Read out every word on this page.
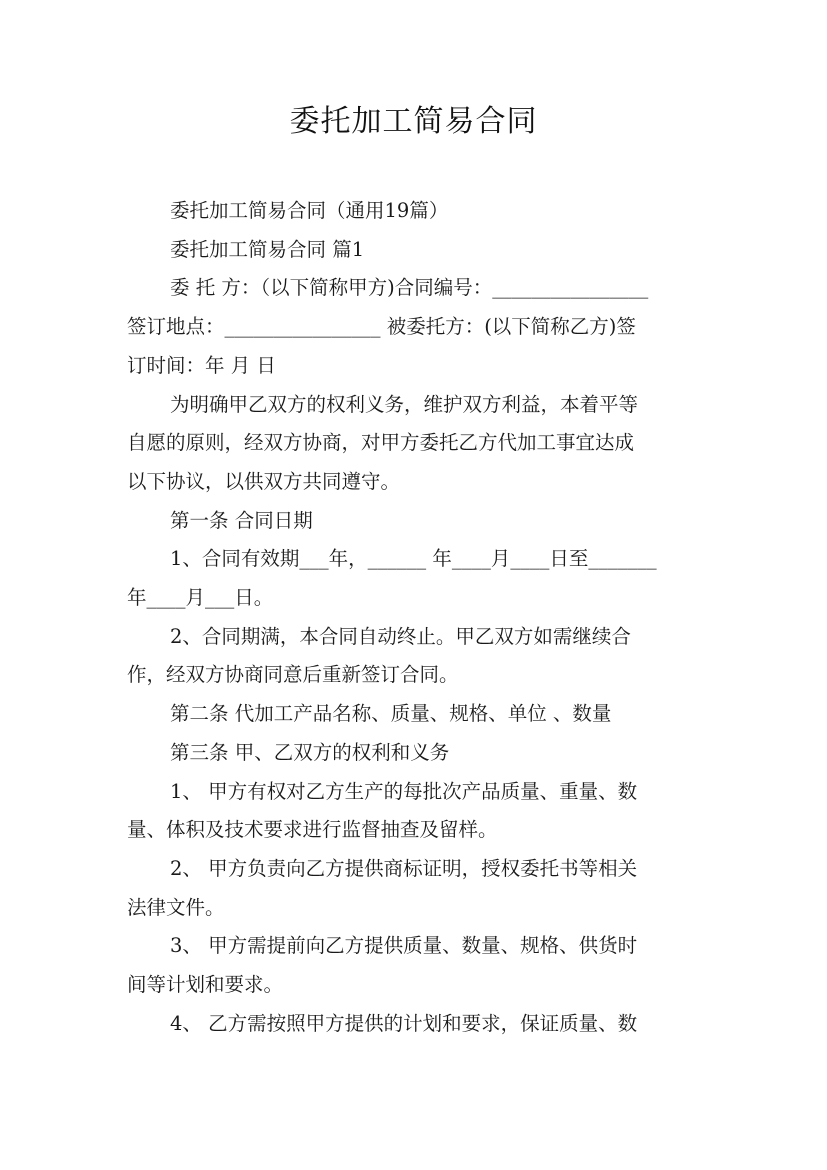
委托加工简易合同

委托加工简易合同（通用19篇）

委托加工简易合同 篇1

委 托 方：（以下简称甲方)合同编号：________________

签订地点：________________ 被委托方：(以下简称乙方)签

订时间：年 月 日

为明确甲乙双方的权利义务，维护双方利益，本着平等

自愿的原则，经双方协商，对甲方委托乙方代加工事宜达成

以下协议，以供双方共同遵守。

第一条 合同日期

1、合同有效期___年，______ 年____月____日至_______

年____月___日。

2、合同期满，本合同自动终止。甲乙双方如需继续合

作，经双方协商同意后重新签订合同。

第二条 代加工产品名称、质量、规格、单位 、数量

第三条 甲、乙双方的权利和义务

1、 甲方有权对乙方生产的每批次产品质量、重量、数

量、体积及技术要求进行监督抽查及留样。

2、 甲方负责向乙方提供商标证明，授权委托书等相关

法律文件。

3、 甲方需提前向乙方提供质量、数量、规格、供货时

间等计划和要求。

4、 乙方需按照甲方提供的计划和要求，保证质量、数
